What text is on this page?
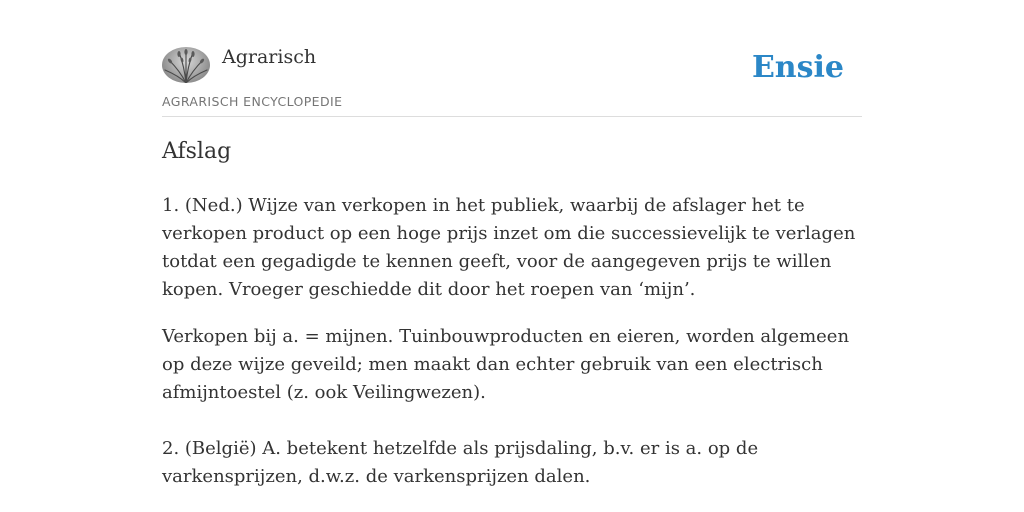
Agrarisch
AGRARISCH ENCYCLOPEDIE
Ensie
Afslag

1. (Ned.) Wijze van verkopen in het publiek, waarbij de afslager het te verkopen product op een hoge prijs inzet om die successievelijk te verlagen totdat een gegadigde te kennen geeft, voor de aangegeven prijs te willen kopen. Vroeger geschiedde dit door het roepen van ‘mijn’.

Verkopen bij a. = mijnen. Tuinbouwproducten en eieren, worden algemeen op deze wijze geveild; men maakt dan echter gebruik van een electrisch afmijntoestel (z. ook Veilingwezen).

2. (België) A. betekent hetzelfde als prijsdaling, b.v. er is a. op de varkensprijzen, d.w.z. de varkensprijzen dalen.
